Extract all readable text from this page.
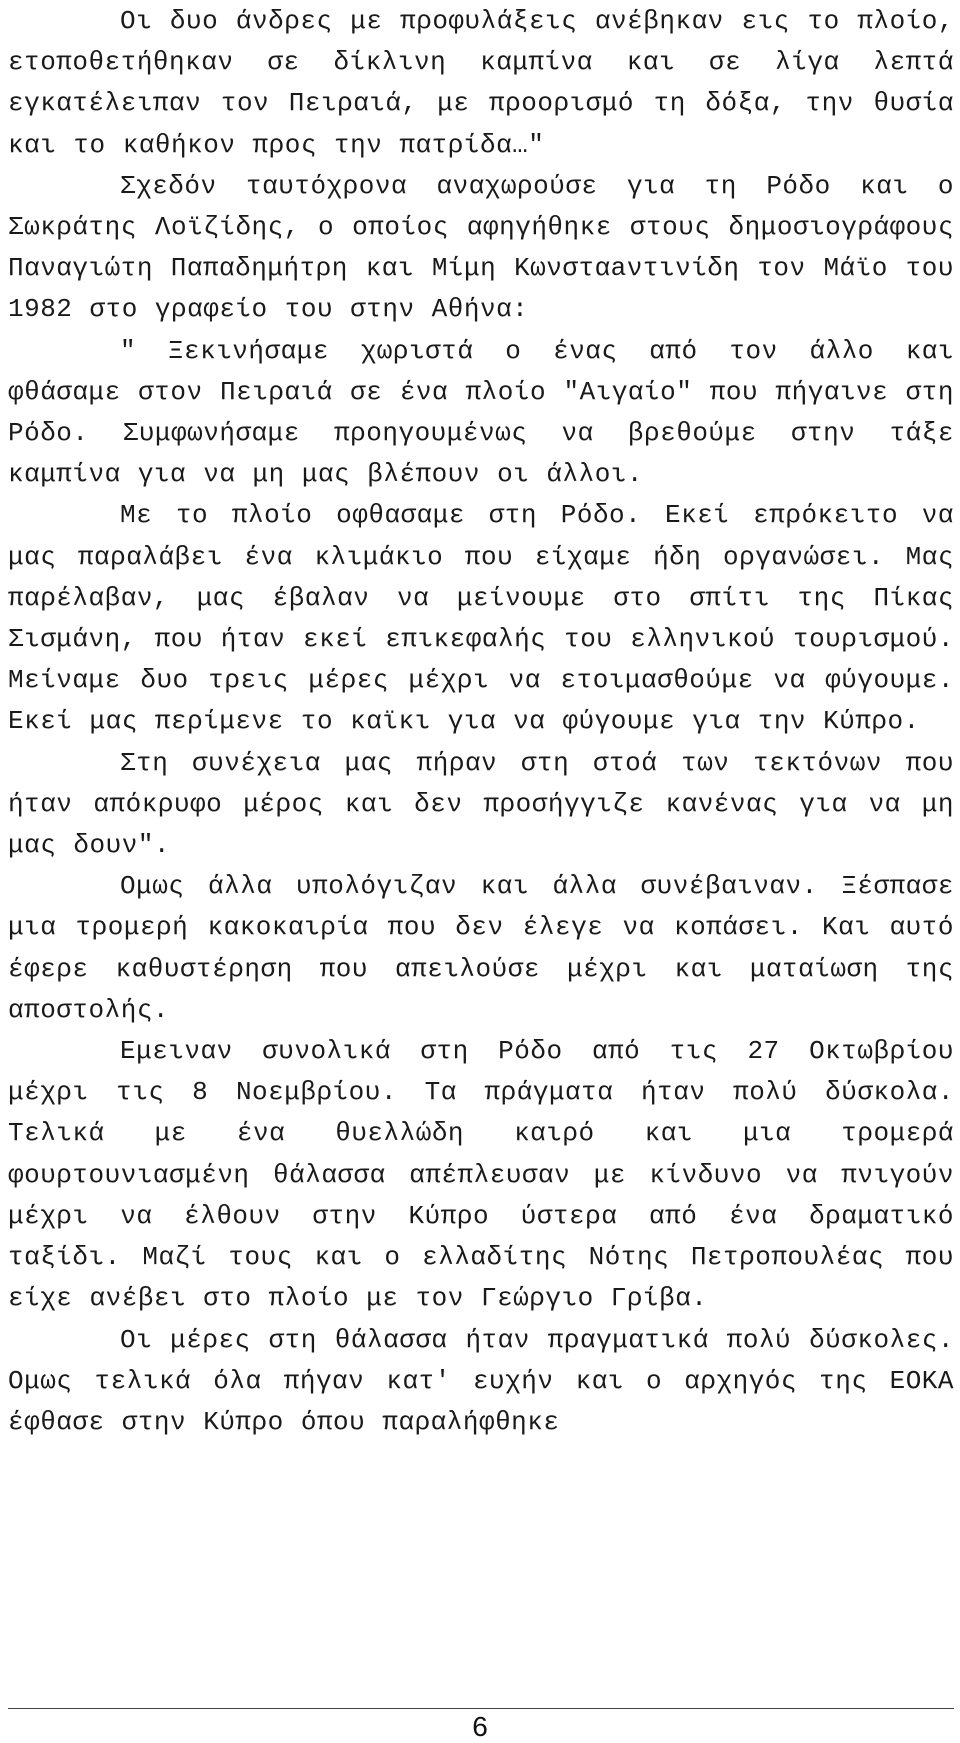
Οι δυο άνδρες με προφυλάξεις ανέβηκαν εις το πλοίο, ετοποθετήθηκαν σε δίκλινη καμπίνα και σε λίγα λεπτά εγκατέλειπαν τον Πειραιά, με προορισμό τη δόξα, την θυσία και το καθήκον προς την πατρίδα…"

Σχεδόν ταυτόχρονα αναχωρούσε για τη Ρόδο και ο Σωκράτης Λοϊζίδης, ο οποίος αφηγήθηκε στους δημοσιογράφους Παναγιώτη Παπαδημήτρη και Μίμη Κωνσταaντινίδη τον Μάϊο του 1982 στο γραφείο του στην Αθήνα:

" Ξεκινήσαμε χωριστά ο ένας από τον άλλο και φθάσαμε στον Πειραιά σε ένα πλοίο "Αιγαίο" που πήγαινε στη Ρόδο. Συμφωνήσαμε προηγουμένως να βρεθούμε στην τάξε καμπίνα για να μη μας βλέπουν οι άλλοι.

Με το πλοίο οφθασαμε στη Ρόδο. Εκεί επρόκειτο να μας παραλάβει ένα κλιμάκιο που είχαμε ήδη οργανώσει. Μας παρέλαβαν, μας έβαλαν να μείνουμε στο σπίτι της Πίκας Σισμάνη, που ήταν εκεί επικεφαλής του ελληνικού τουρισμού. Μείναμε δυο τρεις μέρες μέχρι να ετοιμασθούμε να φύγουμε. Εκεί μας περίμενε το καϊκι για να φύγουμε για την Κύπρο.

Στη συνέχεια μας πήραν στη στοά των τεκτόνων που ήταν απόκρυφο μέρος και δεν προσήγγιζε κανένας για να μη μας δουν".

Ομως άλλα υπολόγιζαν και άλλα συνέβαιναν. Ξέσπασε μια τρομερή κακοκαιρία που δεν έλεγε να κοπάσει. Και αυτό έφερε καθυστέρηση που απειλούσε μέχρι και ματαίωση της αποστολής.

Εμειναν συνολικά στη Ρόδο από τις 27 Οκτωβρίου μέχρι τις 8 Νοεμβρίου. Τα πράγματα ήταν πολύ δύσκολα. Τελικά με ένα θυελλώδη καιρό και μια τρομερά φουρτουνιασμένη θάλασσα απέπλευσαν με κίνδυνο να πνιγούν μέχρι να έλθουν στην Κύπρο ύστερα από ένα δραματικό ταξίδι. Μαζί τους και ο ελλαδίτης Νότης Πετροπουλέας που είχε ανέβει στο πλοίο με τον Γεώργιο Γρίβα.

Οι μέρες στη θάλασσα ήταν πραγματικά πολύ δύσκολες. Ομως τελικά όλα πήγαν κατ' ευχήν και ο αρχηγός της ΕΟΚΑ έφθασε στην Κύπρο όπου παραλήφθηκε

6
